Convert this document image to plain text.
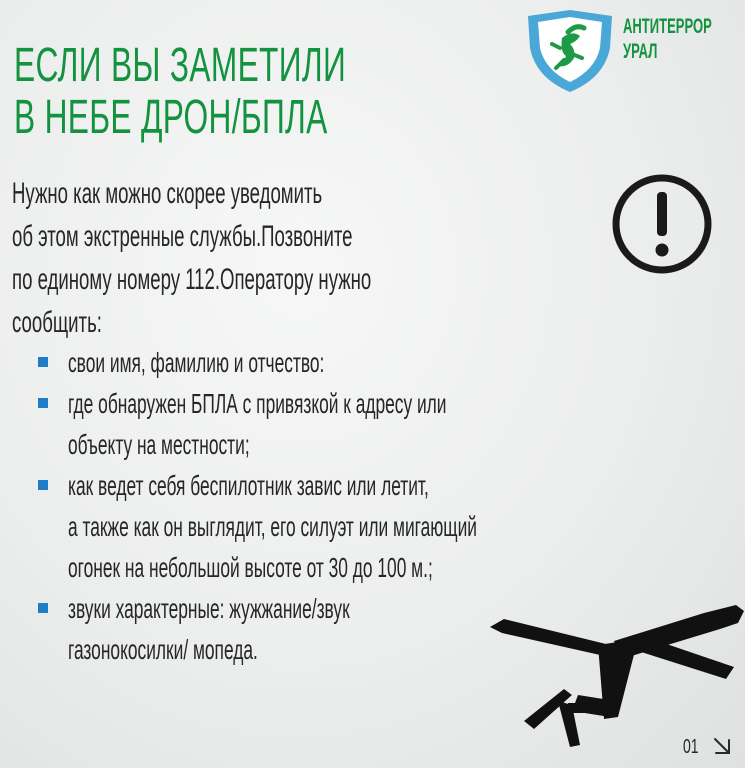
ЕСЛИ ВЫ ЗАМЕТИЛИ
В НЕБЕ ДРОН/БПЛА
АНТИТЕРРОР
УРАЛ
Нужно как можно скорее уведомить
об этом экстренные службы.Позвоните
по единому номеру 112.Оператору нужно
сообщить:
свои имя, фамилию и отчество:
где обнаружен БПЛА с привязкой к адресу или
объекту на местности;
как ведет себя беспилотник завис или летит,
а также как он выглядит, его силуэт или мигающий
огонек на небольшой высоте от 30 до 100 м.;
звуки характерные: жужжание/звук
газонокосилки/ мопеда.
01
